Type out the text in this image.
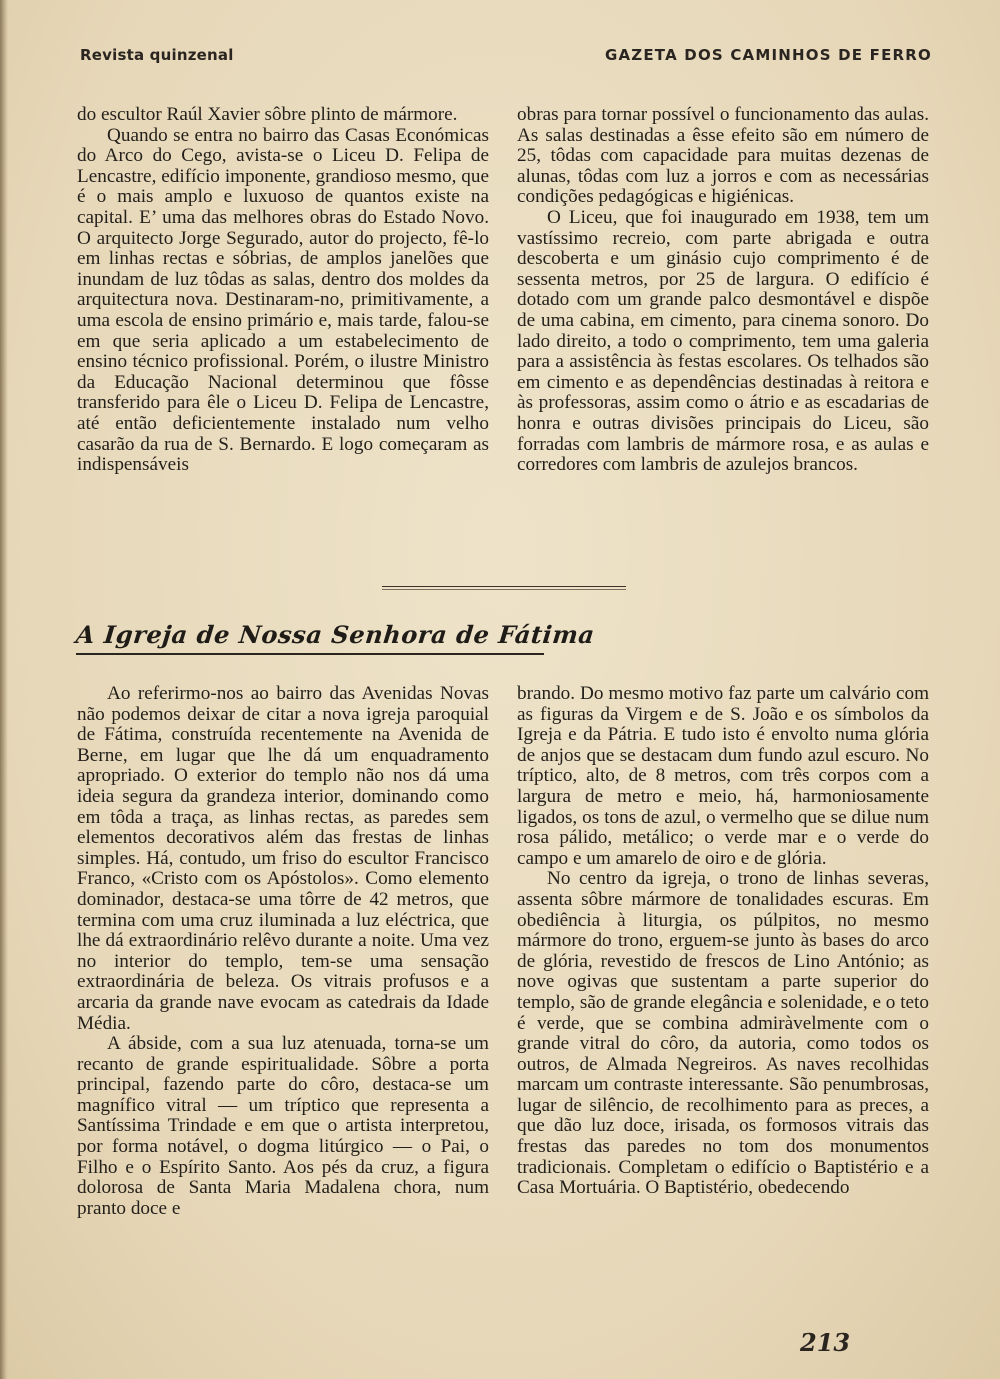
Revista quinzenal	GAZETA DOS CAMINHOS DE FERRO

do escultor Raúl Xavier sôbre plinto de mármore.

Quando se entra no bairro das Casas Económicas do Arco do Cego, avista-se o Liceu D. Felipa de Lencastre, edifício imponente, grandioso mesmo, que é o mais amplo e luxuoso de quantos existe na capital. E’ uma das melhores obras do Estado Novo. O arquitecto Jorge Segurado, autor do projecto, fê-lo em linhas rectas e sóbrias, de amplos janelões que inundam de luz tôdas as salas, dentro dos moldes da arquitectura nova. Destinaram-no, primitivamente, a uma escola de ensino primário e, mais tarde, falou-se em que seria aplicado a um estabelecimento de ensino técnico profissional. Porém, o ilustre Ministro da Educação Nacional determinou que fôsse transferido para êle o Liceu D. Felipa de Lencastre, até então deficientemente instalado num velho casarão da rua de S. Bernardo. E logo começaram as indispensáveis

obras para tornar possível o funcionamento das aulas. As salas destinadas a êsse efeito são em número de 25, tôdas com capacidade para muitas dezenas de alunas, tôdas com luz a jorros e com as necessárias condições pedagógicas e higiénicas.

O Liceu, que foi inaugurado em 1938, tem um vastíssimo recreio, com parte abrigada e outra descoberta e um ginásio cujo comprimento é de sessenta metros, por 25 de largura. O edifício é dotado com um grande palco desmontável e dispõe de uma cabina, em cimento, para cinema sonoro. Do lado direito, a todo o comprimento, tem uma galeria para a assistência às festas escolares. Os telhados são em cimento e as dependências destinadas à reitora e às professoras, assim como o átrio e as escadarias de honra e outras divisões principais do Liceu, são forradas com lambris de mármore rosa, e as aulas e corredores com lambris de azulejos brancos.

A Igreja de Nossa Senhora de Fátima

Ao referirmo-nos ao bairro das Avenidas Novas não podemos deixar de citar a nova igreja paroquial de Fátima, construída recentemente na Avenida de Berne, em lugar que lhe dá um enquadramento apropriado. O exterior do templo não nos dá uma ideia segura da grandeza interior, dominando como em tôda a traça, as linhas rectas, as paredes sem elementos decorativos além das frestas de linhas simples. Há, contudo, um friso do escultor Francisco Franco, «Cristo com os Apóstolos». Como elemento dominador, destaca-se uma tôrre de 42 metros, que termina com uma cruz iluminada a luz eléctrica, que lhe dá extraordinário relêvo durante a noite. Uma vez no interior do templo, tem-se uma sensação extraordinária de beleza. Os vitrais profusos e a arcaria da grande nave evocam as catedrais da Idade Média.

A ábside, com a sua luz atenuada, torna-se um recanto de grande espiritualidade. Sôbre a porta principal, fazendo parte do côro, destaca-se um magnífico vitral — um tríptico que representa a Santíssima Trindade e em que o artista interpretou, por forma notável, o dogma litúrgico — o Pai, o Filho e o Espírito Santo. Aos pés da cruz, a figura dolorosa de Santa Maria Madalena chora, num pranto doce e

brando. Do mesmo motivo faz parte um calvário com as figuras da Virgem e de S. João e os símbolos da Igreja e da Pátria. E tudo isto é envolto numa glória de anjos que se destacam dum fundo azul escuro. No tríptico, alto, de 8 metros, com três corpos com a largura de metro e meio, há, harmoniosamente ligados, os tons de azul, o vermelho que se dilue num rosa pálido, metálico; o verde mar e o verde do campo e um amarelo de oiro e de glória.

No centro da igreja, o trono de linhas severas, assenta sôbre mármore de tonalidades escuras. Em obediência à liturgia, os púlpitos, no mesmo mármore do trono, erguem-se junto às bases do arco de glória, revestido de frescos de Lino António; as nove ogivas que sustentam a parte superior do templo, são de grande elegância e solenidade, e o teto é verde, que se combina admiràvelmente com o grande vitral do côro, da autoria, como todos os outros, de Almada Negreiros. As naves recolhidas marcam um contraste interessante. São penumbrosas, lugar de silêncio, de recolhimento para as preces, a que dão luz doce, irisada, os formosos vitrais das frestas das paredes no tom dos monumentos tradicionais. Completam o edifício o Baptistério e a Casa Mortuária. O Baptistério, obedecendo

213
